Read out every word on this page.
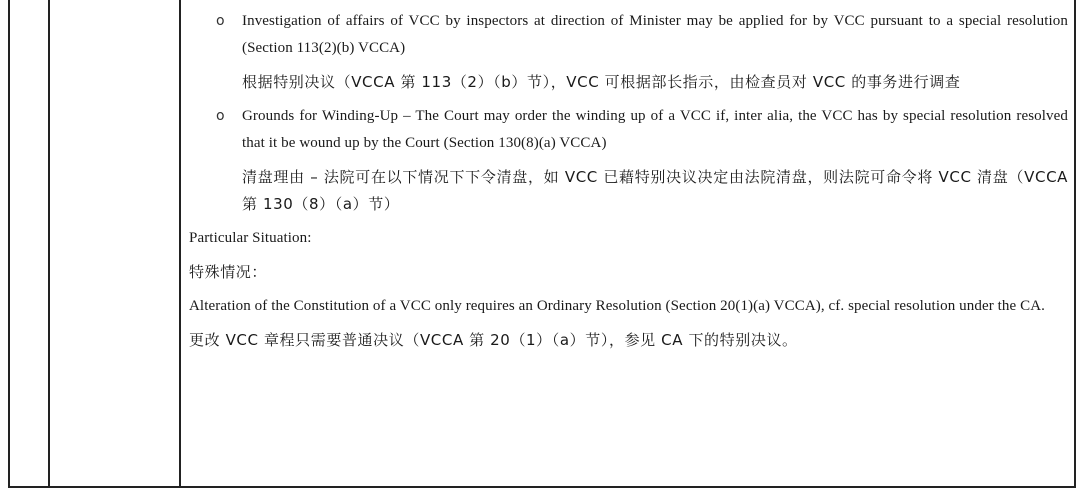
o Investigation of affairs of VCC by inspectors at direction of Minister may be applied for by VCC pursuant to a special resolution (Section 113(2)(b) VCCA)
根据特别决议（VCCA 第 113（2）（b）节），VCC 可根据部长指示，由检查员对 VCC 的事务进行调查
o Grounds for Winding-Up – The Court may order the winding up of a VCC if, inter alia, the VCC has by special resolution resolved that it be wound up by the Court (Section 130(8)(a) VCCA)
清盘理由 – 法院可在以下情况下下令清盘，如 VCC 已藉特别决议决定由法院清盘，则法院可命令将 VCC 清盘（VCCA 第 130（8）（a）节）
Particular Situation:
特殊情况：
Alteration of the Constitution of a VCC only requires an Ordinary Resolution (Section 20(1)(a) VCCA), cf. special resolution under the CA.
更改 VCC 章程只需要普通决议（VCCA 第 20（1）（a）节），参见 CA 下的特别决议。
